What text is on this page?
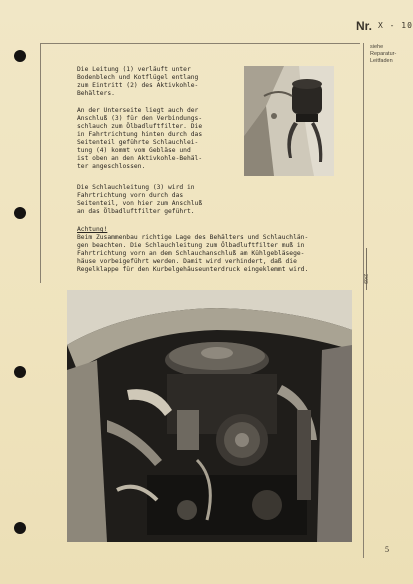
Nr. X - 10
siehe
Reparatur-
Leitfaden
2/69
Die Leitung (1) verläuft unter
Bodenblech und Kotflügel entlang
zum Eintritt (2) des Aktivkohle-
Behälters.
An der Unterseite liegt auch der
Anschluß (3) für den Verbindungs-
schlauch zum Ölbadluftfilter. Die
in Fahrtrichtung hinten durch das
Seitenteil geführte Schlauchlei-
tung (4) kommt vom Gebläse und
ist oben an den Aktivkohle-Behäl-
ter angeschlossen.
Die Schlauchleitung (3) wird in
Fahrtrichtung vorn durch das
Seitenteil, von hier zum Anschluß
an das Ölbadluftfilter geführt.
Achtung!
Beim Zusammenbau richtige Lage des Behälters und Schlauchlän-
gen beachten. Die Schlauchleitung zum Ölbadluftfilter muß in
Fahrtrichtung vorn an dem Schlauchanschluß am Kühlgebläsege-
häuse vorbeigeführt werden. Damit wird verhindert, daß die
Regelklappe für den Kurbelgehäuseunterdruck eingeklemmt wird.
5
